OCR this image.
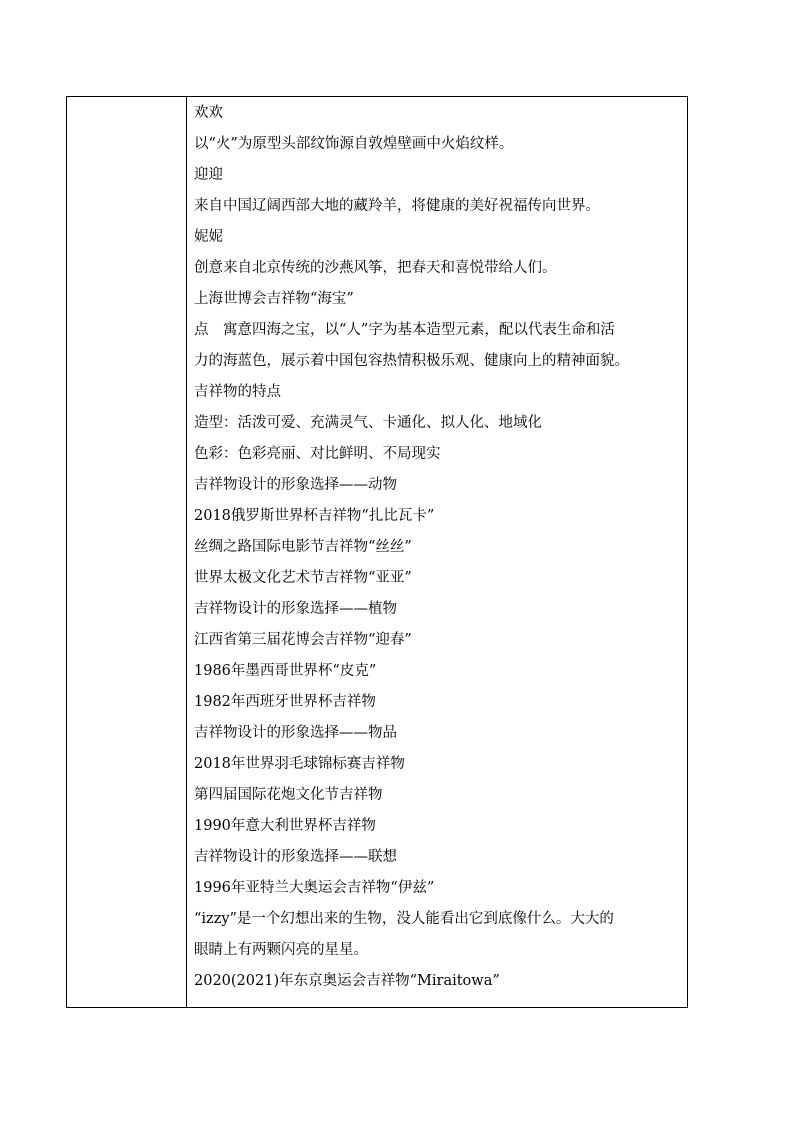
欢欢
以“火”为原型头部纹饰源自敦煌壁画中火焰纹样。
迎迎
来自中国辽阔西部大地的藏羚羊，将健康的美好祝福传向世界。
妮妮
创意来自北京传统的沙燕风筝，把春天和喜悦带给人们。
上海世博会吉祥物“海宝”
点　寓意四海之宝，以“人”字为基本造型元素，配以代表生命和活
力的海蓝色，展示着中国包容热情积极乐观、健康向上的精神面貌。
吉祥物的特点
造型：活泼可爱、充满灵气、卡通化、拟人化、地域化
色彩：色彩亮丽、对比鲜明、不局现实
吉祥物设计的形象选择——动物
2018俄罗斯世界杯吉祥物“扎比瓦卡”
丝绸之路国际电影节吉祥物“丝丝”
世界太极文化艺术节吉祥物“亚亚”
吉祥物设计的形象选择——植物
江西省第三届花博会吉祥物“迎春”
1986年墨西哥世界杯“皮克”
1982年西班牙世界杯吉祥物
吉祥物设计的形象选择——物品
2018年世界羽毛球锦标赛吉祥物
第四届国际花炮文化节吉祥物
1990年意大利世界杯吉祥物
吉祥物设计的形象选择——联想
1996年亚特兰大奥运会吉祥物“伊兹”
“izzy”是一个幻想出来的生物，没人能看出它到底像什么。大大的
眼睛上有两颗闪亮的星星。
2020(2021)年东京奥运会吉祥物“Miraitowa”
